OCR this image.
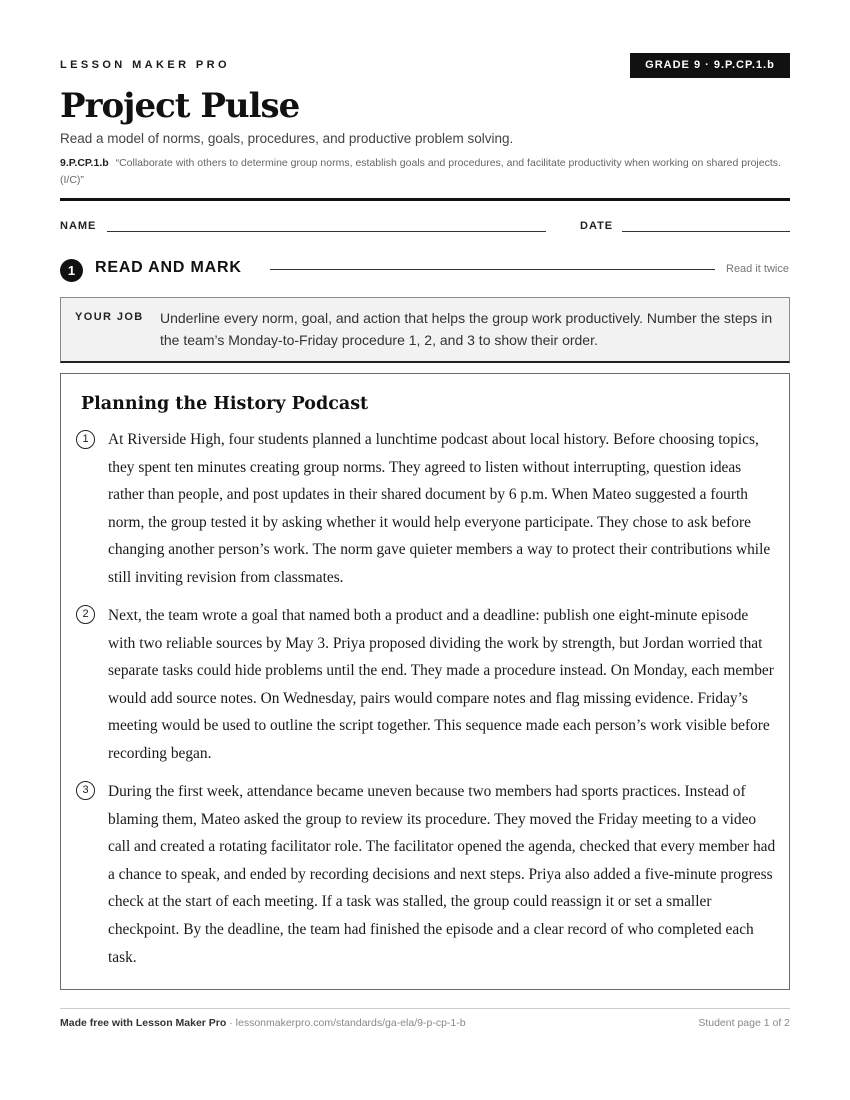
LESSON MAKER PRO	GRADE 9 · 9.P.CP.1.b
Project Pulse
Read a model of norms, goals, procedures, and productive problem solving.
9.P.CP.1.b “Collaborate with others to determine group norms, establish goals and procedures, and facilitate productivity when working on shared projects. (I/C)”
NAME	DATE
1	READ AND MARK	Read it twice
YOUR JOB Underline every norm, goal, and action that helps the group work productively. Number the steps in the team’s Monday-to-Friday procedure 1, 2, and 3 to show their order.
Planning the History Podcast
1	At Riverside High, four students planned a lunchtime podcast about local history. Before choosing topics, they spent ten minutes creating group norms. They agreed to listen without interrupting, question ideas rather than people, and post updates in their shared document by 6 p.m. When Mateo suggested a fourth norm, the group tested it by asking whether it would help everyone participate. They chose to ask before changing another person’s work. The norm gave quieter members a way to protect their contributions while still inviting revision from classmates.
2	Next, the team wrote a goal that named both a product and a deadline: publish one eight-minute episode with two reliable sources by May 3. Priya proposed dividing the work by strength, but Jordan worried that separate tasks could hide problems until the end. They made a procedure instead. On Monday, each member would add source notes. On Wednesday, pairs would compare notes and flag missing evidence. Friday’s meeting would be used to outline the script together. This sequence made each person’s work visible before recording began.
3	During the first week, attendance became uneven because two members had sports practices. Instead of blaming them, Mateo asked the group to review its procedure. They moved the Friday meeting to a video call and created a rotating facilitator role. The facilitator opened the agenda, checked that every member had a chance to speak, and ended by recording decisions and next steps. Priya also added a five-minute progress check at the start of each meeting. If a task was stalled, the group could reassign it or set a smaller checkpoint. By the deadline, the team had finished the episode and a clear record of who completed each task.
Made free with Lesson Maker Pro · lessonmakerpro.com/standards/ga-ela/9-p-cp-1-b	Student page 1 of 2
